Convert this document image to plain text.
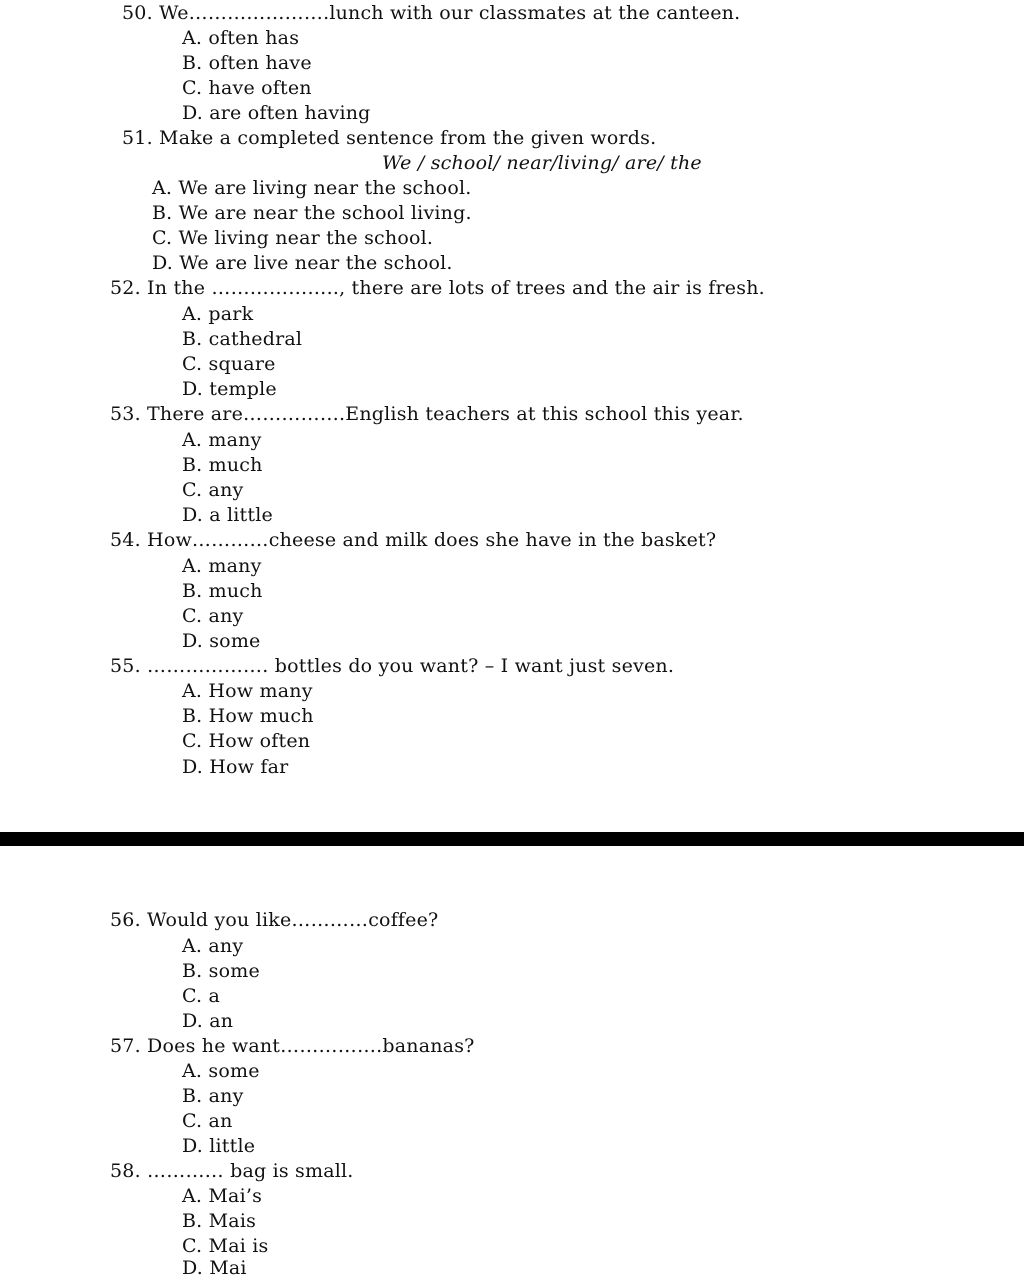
50. We………………….lunch with our classmates at the canteen.
A. often has
B. often have
C. have often
D. are often having
51. Make a completed sentence from the given words.
We / school/ near/living/ are/ the
A. We are living near the school.
B. We are near the school living.
C. We living near the school.
D. We are live near the school.
52. In the ……………….., there are lots of trees and the air is fresh.
A. park
B. cathedral
C. square
D. temple
53. There are…………….English teachers at this school this year.
A. many
B. much
C. any
D. a little
54. How…………cheese and milk does she have in the basket?
A. many
B. much
C. any
D. some
55. ………………. bottles do you want? – I want just seven.
A. How many
B. How much
C. How often
D. How far
56. Would you like…………coffee?
A. any
B. some
C. a
D. an
57. Does he want…………….bananas?
A. some
B. any
C. an
D. little
58. ………… bag is small.
A. Mai’s
B. Mais
C. Mai is
D. Mai
